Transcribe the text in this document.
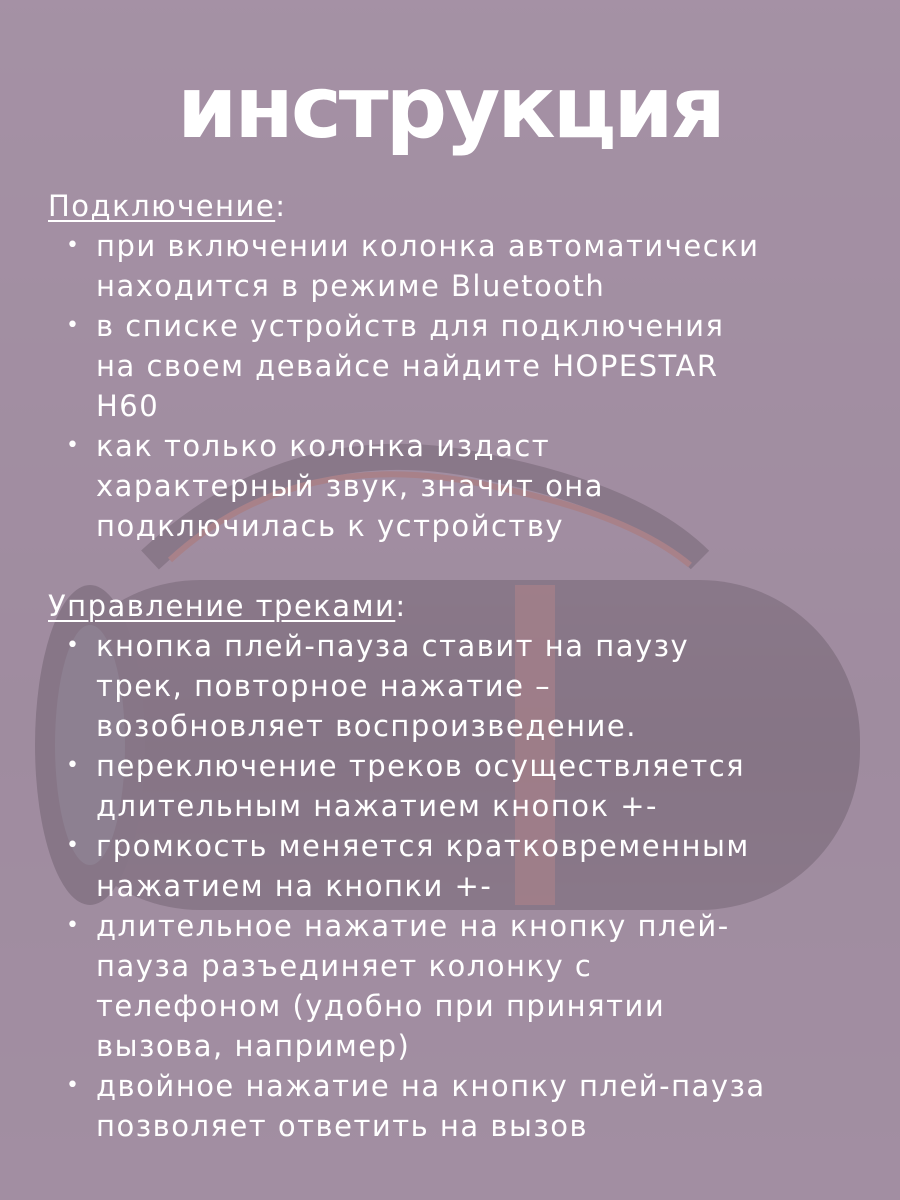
инструкция
Подключение:
• при включении колонка автоматически
находится в режиме Bluetooth
• в списке устройств для подключения
на своем девайсе найдите HOPESTAR
H60
• как только колонка издаст
характерный звук, значит она
подключилась к устройству
Управление треками:
• кнопка плей-пауза ставит на паузу
трек, повторное нажатие –
возобновляет воспроизведение.
• переключение треков осуществляется
длительным нажатием кнопок +-
• громкость меняется кратковременным
нажатием на кнопки +-
• длительное нажатие на кнопку плей-
пауза разъединяет колонку с
телефоном (удобно при принятии
вызова, например)
• двойное нажатие на кнопку плей-пауза
позволяет ответить на вызов
